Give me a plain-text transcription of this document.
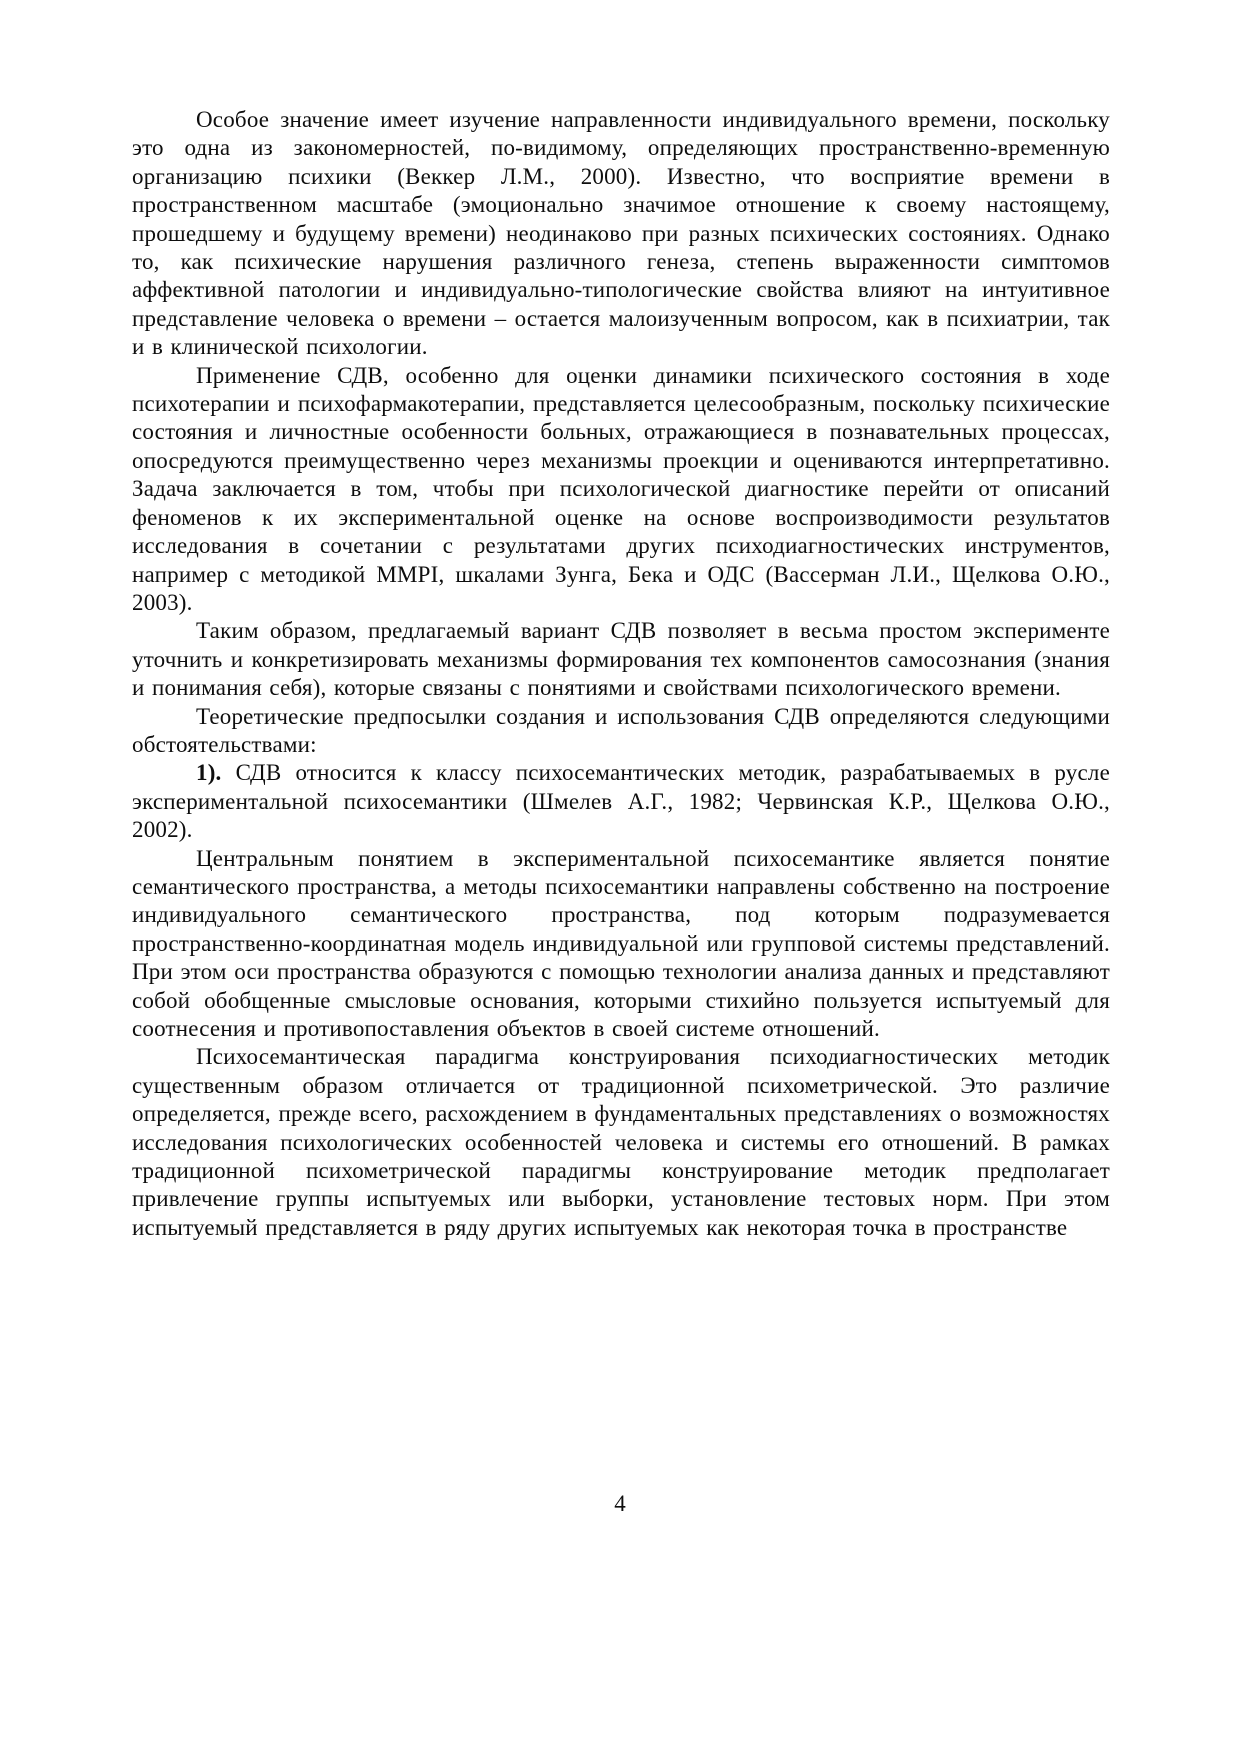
Особое значение имеет изучение направленности индивидуального времени, поскольку это одна из закономерностей, по-видимому, определяющих пространственно-временную организацию психики (Веккер Л.М., 2000). Известно, что восприятие времени в пространственном масштабе (эмоционально значимое отношение к своему настоящему, прошедшему и будущему времени) неодинаково при разных психических состояниях. Однако то, как психические нарушения различного генеза, степень выраженности симптомов аффективной патологии и индивидуально-типологические свойства влияют на интуитивное представление человека о времени – остается малоизученным вопросом, как в психиатрии, так и в клинической психологии.

Применение СДВ, особенно для оценки динамики психического состояния в ходе психотерапии и психофармакотерапии, представляется целесообразным, поскольку психические состояния и личностные особенности больных, отражающиеся в познавательных процессах, опосредуются преимущественно через механизмы проекции и оцениваются интерпретативно. Задача заключается в том, чтобы при психологической диагностике перейти от описаний феноменов к их экспериментальной оценке на основе воспроизводимости результатов исследования в сочетании с результатами других психодиагностических инструментов, например с методикой MMPI, шкалами Зунга, Бека и ОДС (Вассерман Л.И., Щелкова О.Ю., 2003).

Таким образом, предлагаемый вариант СДВ позволяет в весьма простом эксперименте уточнить и конкретизировать механизмы формирования тех компонентов самосознания (знания и понимания себя), которые связаны с понятиями и свойствами психологического времени.

Теоретические предпосылки создания и использования СДВ определяются следующими обстоятельствами:

1). СДВ относится к классу психосемантических методик, разрабатываемых в русле экспериментальной психосемантики (Шмелев А.Г., 1982; Червинская К.Р., Щелкова О.Ю., 2002).

Центральным понятием в экспериментальной психосемантике является понятие семантического пространства, а методы психосемантики направлены собственно на построение индивидуального семантического пространства, под которым подразумевается пространственно-координатная модель индивидуальной или групповой системы представлений. При этом оси пространства образуются с помощью технологии анализа данных и представляют собой обобщенные смысловые основания, которыми стихийно пользуется испытуемый для соотнесения и противопоставления объектов в своей системе отношений.

Психосемантическая парадигма конструирования психодиагностических методик существенным образом отличается от традиционной психометрической. Это различие определяется, прежде всего, расхождением в фундаментальных представлениях о возможностях исследования психологических особенностей человека и системы его отношений. В рамках традиционной психометрической парадигмы конструирование методик предполагает привлечение группы испытуемых или выборки, установление тестовых норм. При этом испытуемый представляется в ряду других испытуемых как некоторая точка в пространстве

4
